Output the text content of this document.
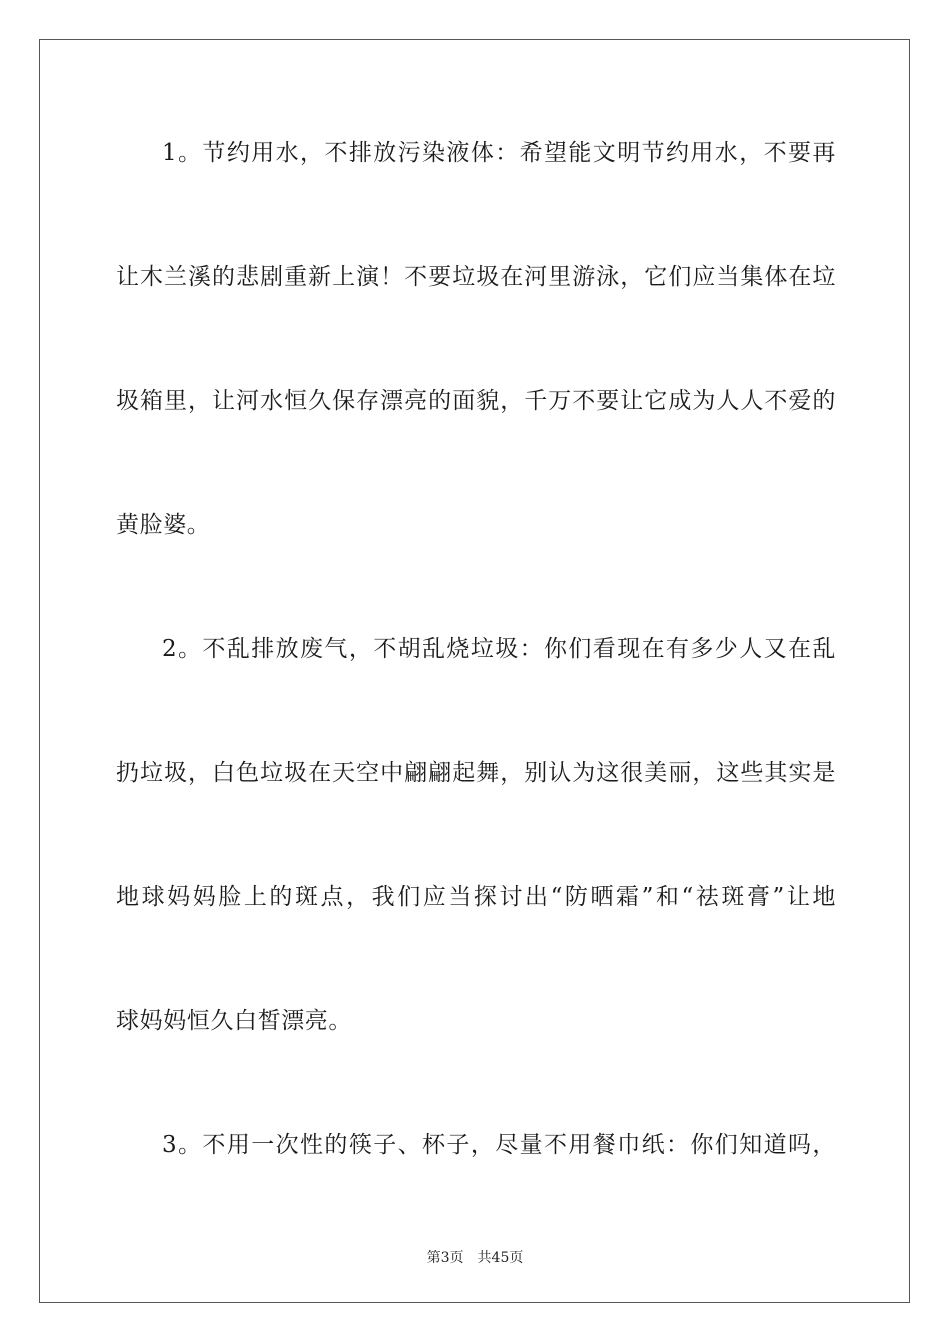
1。节约用水，不排放污染液体：希望能文明节约用水，不要再
让木兰溪的悲剧重新上演！不要垃圾在河里游泳，它们应当集体在垃
圾箱里，让河水恒久保存漂亮的面貌，千万不要让它成为人人不爱的
黄脸婆。
2。不乱排放废气，不胡乱烧垃圾：你们看现在有多少人又在乱
扔垃圾，白色垃圾在天空中翩翩起舞，别认为这很美丽，这些其实是
地球妈妈脸上的斑点，我们应当探讨出“防晒霜”和“祛斑膏”让地
球妈妈恒久白皙漂亮。
3。不用一次性的筷子、杯子，尽量不用餐巾纸：你们知道吗，
第3页 共45页
